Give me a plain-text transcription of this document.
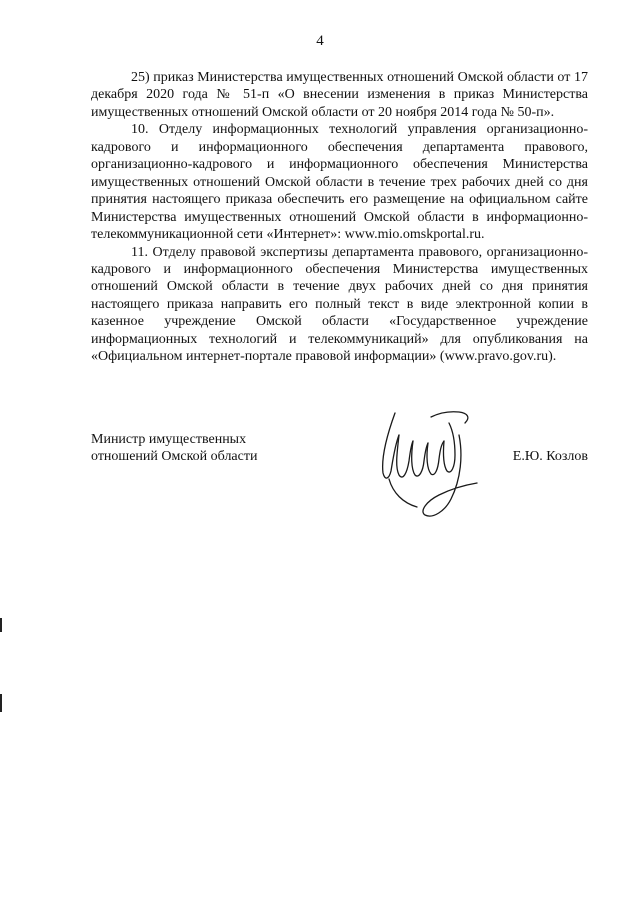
4

25) приказ Министерства имущественных отношений Омской области от 17 декабря 2020 года № 51-п «О внесении изменения в приказ Министерства имущественных отношений Омской области от 20 ноября 2014 года № 50-п».

10. Отделу информационных технологий управления организационно-кадрового и информационного обеспечения департамента правового, организационно-кадрового и информационного обеспечения Министерства имущественных отношений Омской области в течение трех рабочих дней со дня принятия настоящего приказа обеспечить его размещение на официальном сайте Министерства имущественных отношений Омской области в информационно-телекоммуникационной сети «Интернет»: www.mio.omskportal.ru.

11. Отделу правовой экспертизы департамента правового, организационно-кадрового и информационного обеспечения Министерства имущественных отношений Омской области в течение двух рабочих дней со дня принятия настоящего приказа направить его полный текст в виде электронной копии в казенное учреждение Омской области «Государственное учреждение информационных технологий и телекоммуникаций» для опубликования на «Официальном интернет-портале правовой информации» (www.pravo.gov.ru).

Министр имущественных
отношений Омской области	Е.Ю. Козлов
